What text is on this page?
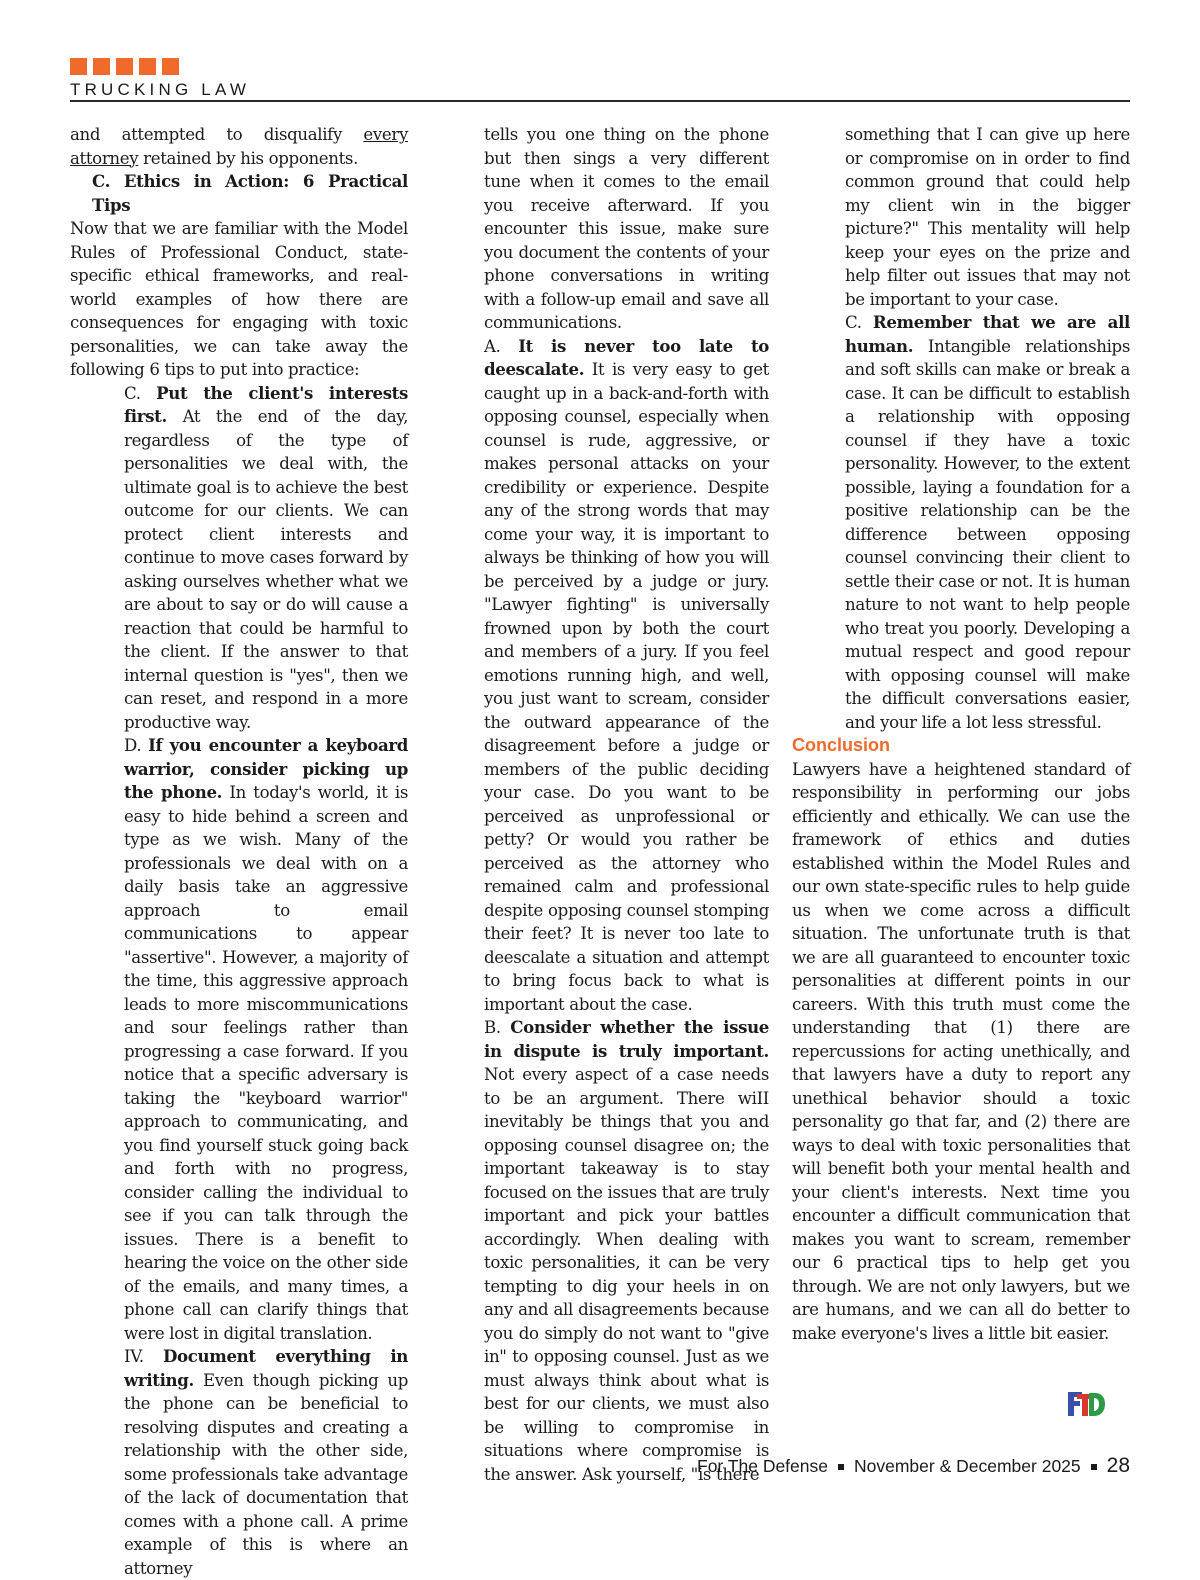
TRUCKING LAW

and attempted to disqualify every attorney retained by his opponents.

C. Ethics in Action: 6 Practical Tips

Now that we are familiar with the Model Rules of Professional Conduct, state-specific ethical frameworks, and real-world examples of how there are consequences for engaging with toxic personalities, we can take away the following 6 tips to put into practice:

C. Put the client's interests first. At the end of the day, regardless of the type of personalities we deal with, the ultimate goal is to achieve the best outcome for our clients. We can protect client interests and continue to move cases forward by asking ourselves whether what we are about to say or do will cause a reaction that could be harmful to the client. If the answer to that internal question is "yes", then we can reset, and respond in a more productive way.

D. If you encounter a keyboard warrior, consider picking up the phone. In today's world, it is easy to hide behind a screen and type as we wish. Many of the professionals we deal with on a daily basis take an aggressive approach to email communications to appear "assertive". However, a majority of the time, this aggressive approach leads to more miscommunications and sour feelings rather than progressing a case forward. If you notice that a specific adversary is taking the "keyboard warrior" approach to communicating, and you find yourself stuck going back and forth with no progress, consider calling the individual to see if you can talk through the issues. There is a benefit to hearing the voice on the other side of the emails, and many times, a phone call can clarify things that were lost in digital translation.

IV. Document everything in writing. Even though picking up the phone can be beneficial to resolving disputes and creating a relationship with the other side, some professionals take advantage of the lack of documentation that comes with a phone call. A prime example of this is where an attorney

tells you one thing on the phone but then sings a very different tune when it comes to the email you receive afterward. If you encounter this issue, make sure you document the contents of your phone conversations in writing with a follow-up email and save all communications.

A. It is never too late to deescalate. It is very easy to get caught up in a back-and-forth with opposing counsel, especially when counsel is rude, aggressive, or makes personal attacks on your credibility or experience. Despite any of the strong words that may come your way, it is important to always be thinking of how you will be perceived by a judge or jury. "Lawyer fighting" is universally frowned upon by both the court and members of a jury. If you feel emotions running high, and well, you just want to scream, consider the outward appearance of the disagreement before a judge or members of the public deciding your case. Do you want to be perceived as unprofessional or petty? Or would you rather be perceived as the attorney who remained calm and professional despite opposing counsel stomping their feet? It is never too late to deescalate a situation and attempt to bring focus back to what is important about the case.

B. Consider whether the issue in dispute is truly important. Not every aspect of a case needs to be an argument. There wiII inevitably be things that you and opposing counsel disagree on; the important takeaway is to stay focused on the issues that are truly important and pick your battles accordingly. When dealing with toxic personalities, it can be very tempting to dig your heels in on any and all disagreements because you do simply do not want to "give in" to opposing counsel. Just as we must always think about what is best for our clients, we must also be willing to compromise in situations where compromise is the answer. Ask yourself, "is there

something that I can give up here or compromise on in order to find common ground that could help my client win in the bigger picture?" This mentality will help keep your eyes on the prize and help filter out issues that may not be important to your case.

C. Remember that we are all human. Intangible relationships and soft skills can make or break a case. It can be difficult to establish a relationship with opposing counsel if they have a toxic personality. However, to the extent possible, laying a foundation for a positive relationship can be the difference between opposing counsel convincing their client to settle their case or not. It is human nature to not want to help people who treat you poorly. Developing a mutual respect and good repour with opposing counsel will make the difficult conversations easier, and your life a lot less stressful.

Conclusion

Lawyers have a heightened standard of responsibility in performing our jobs efficiently and ethically. We can use the framework of ethics and duties established within the Model Rules and our own state-specific rules to help guide us when we come across a difficult situation. The unfortunate truth is that we are all guaranteed to encounter toxic personalities at different points in our careers. With this truth must come the understanding that (1) there are repercussions for acting unethically, and that lawyers have a duty to report any unethical behavior should a toxic personality go that far, and (2) there are ways to deal with toxic personalities that will benefit both your mental health and your client's interests. Next time you encounter a difficult communication that makes you want to scream, remember our 6 practical tips to help get you through. We are not only lawyers, but we are humans, and we can all do better to make everyone's lives a little bit easier.

For The Defense November & December 2025 28
